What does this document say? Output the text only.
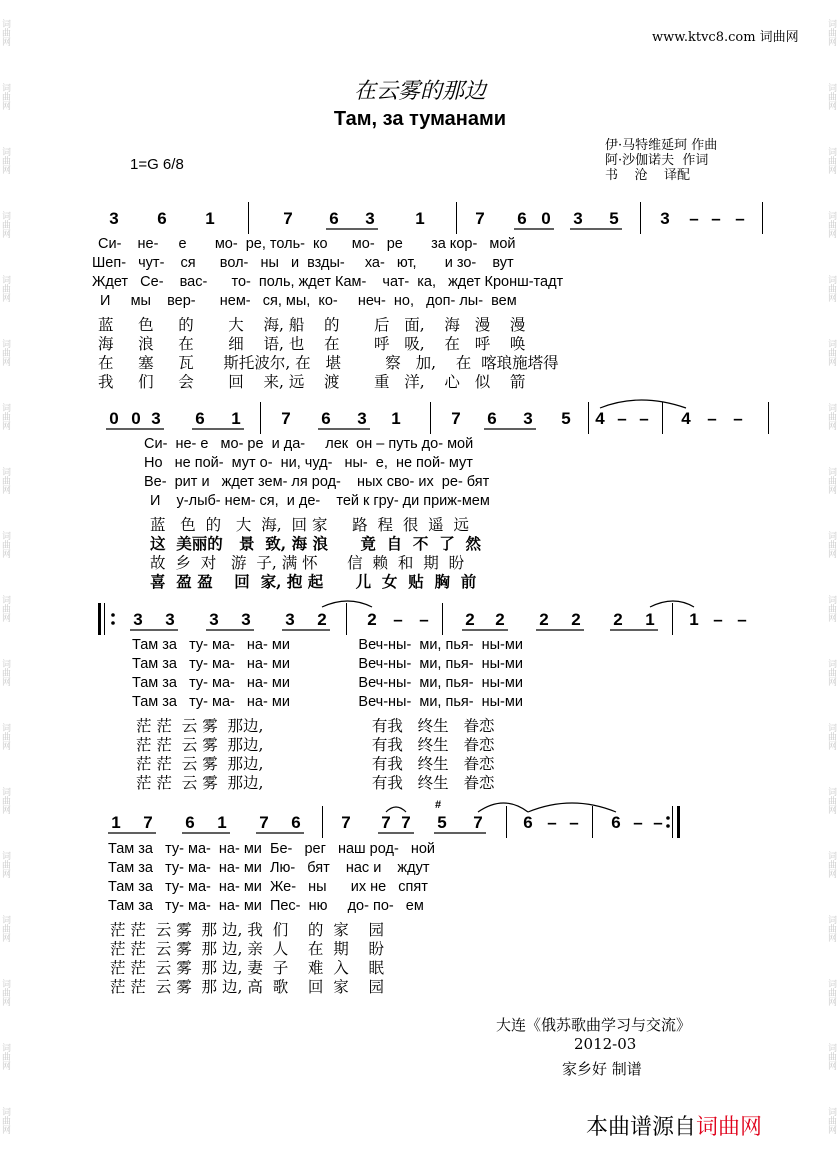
词曲网
词曲网
词曲网
词曲网
词曲网
词曲网
词曲网
词曲网
词曲网
词曲网
词曲网
词曲网
词曲网
词曲网
词曲网
词曲网
词曲网
词曲网
词曲网
词曲网
词曲网
词曲网
词曲网
词曲网
词曲网
词曲网
词曲网
词曲网
词曲网
词曲网
词曲网
词曲网
词曲网
词曲网
词曲网
词曲网
www.ktvc8.com 词曲网
在云雾的那边
Там, за туманами
1=G 6/8
伊·马特维延珂 作曲
阿·沙伽诺夫  作词
书    沧    译配
3 6 1	7 6 3 1	7 6 0 3 5 3 – – –
Си-    не-     е       мо-  ре, толь-  ко      мо-   ре       за кор-   мой
Шеп-   чут-    ся      вол-   ны   и  взды-     ха-   ют,       и зо-    вут
Ждет   Се-    вас-      то-  поль, ждет Кам-    чат-  ка,   ждет Кронш-тадт
И     мы    вер-      нем-   ся, мы,  ко-     неч-  но,   доп- лы-  вем
蓝     色     的       大    海, 船    的       后   面,    海   漫    漫
海     浪     在       细    语, 也    在       呼   吸,    在   呼    唤
在     塞     瓦      斯托波尔, 在   堪         察   加,    在  喀琅施塔得
我     们     会       回    来, 远    渡       重   洋,    心   似    箭
0 0 3 6 1 7 6 3 1	7 6 3 5 4 – – 4 – –
Си-  не- е   мо- ре  и да-     лек  он – путь до- мой
Но   не пой-  мут о-  ни, чуд-   ны-  е,  не пой- мут
Ве-  рит и   ждет зем- ля род-    ных сво- их  ре- бят
И    у-лыб- нем- ся,  и де-    тей к гру- ди приж-мем
蓝   色  的   大  海,  回 家     路  程  很  遥  远
这  美丽的   景  致, 海 浪      竟  自  不  了  然
故  乡  对   游  子, 满 怀      信  赖  和  期  盼
喜  盈 盈    回  家, 抱 起      儿  女  贴  胸  前
3 3 3 3 3 2 2 – – 2 2 2 2 2 1 1 – –
Там за   ту- ма-   на- ми                 Веч-ны-  ми, пья-  ны-ми
Там за   ту- ма-   на- ми                 Веч-ны-  ми, пья-  ны-ми
Там за   ту- ма-   на- ми                 Веч-ны-  ми, пья-  ны-ми
Там за   ту- ма-   на- ми                 Веч-ны-  ми, пья-  ны-ми
茫 茫  云 雾  那边,                      有我   终生   眷恋
茫 茫  云 雾  那边,                      有我   终生   眷恋
茫 茫  云 雾  那边,                      有我   终生   眷恋
茫 茫  云 雾  那边,                      有我   终生   眷恋
1 7 6 1 7 6 7 7 7 5 7 6 – – 6 – –
#
Там за   ту- ма-  на- ми  Бе-   рег   наш род-   ной
Там за   ту- ма-  на- ми  Лю-   бят    нас и    ждут
Там за   ту- ма-  на- ми  Же-   ны      их не   спят
Там за   ту- ма-  на- ми  Пес-  ню     до- по-   ем
茫 茫  云 雾  那 边, 我  们    的  家    园
茫 茫  云 雾  那 边, 亲  人    在  期    盼
茫 茫  云 雾  那 边, 妻  子    难  入    眠
茫 茫  云 雾  那 边, 高  歌    回  家    园
大连《俄苏歌曲学习与交流》
2012-03
家乡好 制谱
本曲谱源自词曲网
